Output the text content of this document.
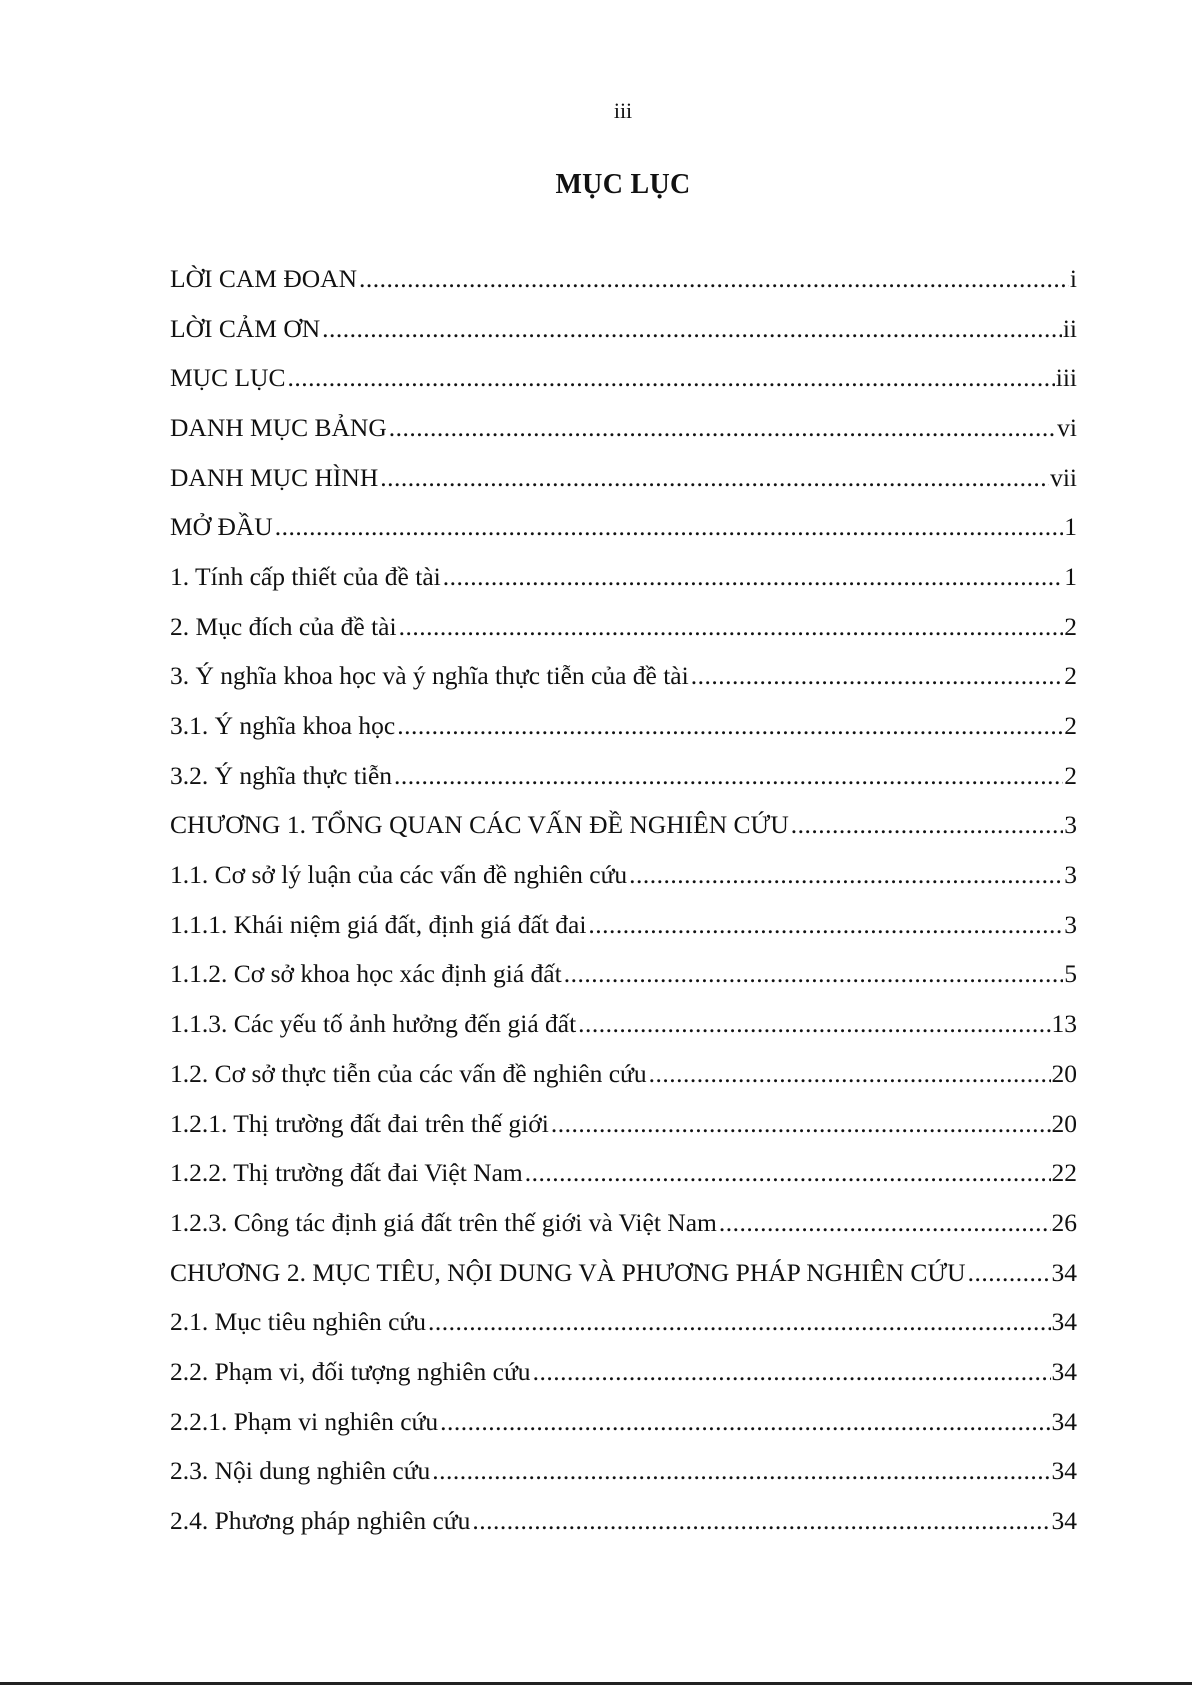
iii
MỤC LỤC
LỜI CAM ĐOAN .....	i
LỜI CẢM ƠN .....	ii
MỤC LỤC .....	iii
DANH MỤC BẢNG .....	vi
DANH MỤC HÌNH .....	vii
MỞ ĐẦU .....	1
1. Tính cấp thiết của đề tài .....	1
2. Mục đích của đề tài .....	2
3. Ý nghĩa khoa học và ý nghĩa thực tiễn của đề tài .....	2
3.1. Ý nghĩa khoa học .....	2
3.2. Ý nghĩa thực tiễn .....	2
CHƯƠNG 1. TỔNG QUAN CÁC VẤN ĐỀ NGHIÊN CỨU .....	3
1.1. Cơ sở lý luận của các vấn đề nghiên cứu .....	3
1.1.1. Khái niệm giá đất, định giá đất đai .....	3
1.1.2. Cơ sở khoa học xác định giá đất .....	5
1.1.3. Các yếu tố ảnh hưởng đến giá đất .....	13
1.2. Cơ sở thực tiễn của các vấn đề nghiên cứu .....	20
1.2.1. Thị trường đất đai trên thế giới .....	20
1.2.2. Thị trường đất đai Việt Nam .....	22
1.2.3. Công tác định giá đất trên thế giới và Việt Nam .....	26
CHƯƠNG 2. MỤC TIÊU, NỘI DUNG VÀ PHƯƠNG PHÁP NGHIÊN CỨU .....	34
2.1. Mục tiêu nghiên cứu .....	34
2.2. Phạm vi, đối tượng nghiên cứu .....	34
2.2.1. Phạm vi nghiên cứu .....	34
2.3. Nội dung nghiên cứu .....	34
2.4. Phương pháp nghiên cứu .....	34
